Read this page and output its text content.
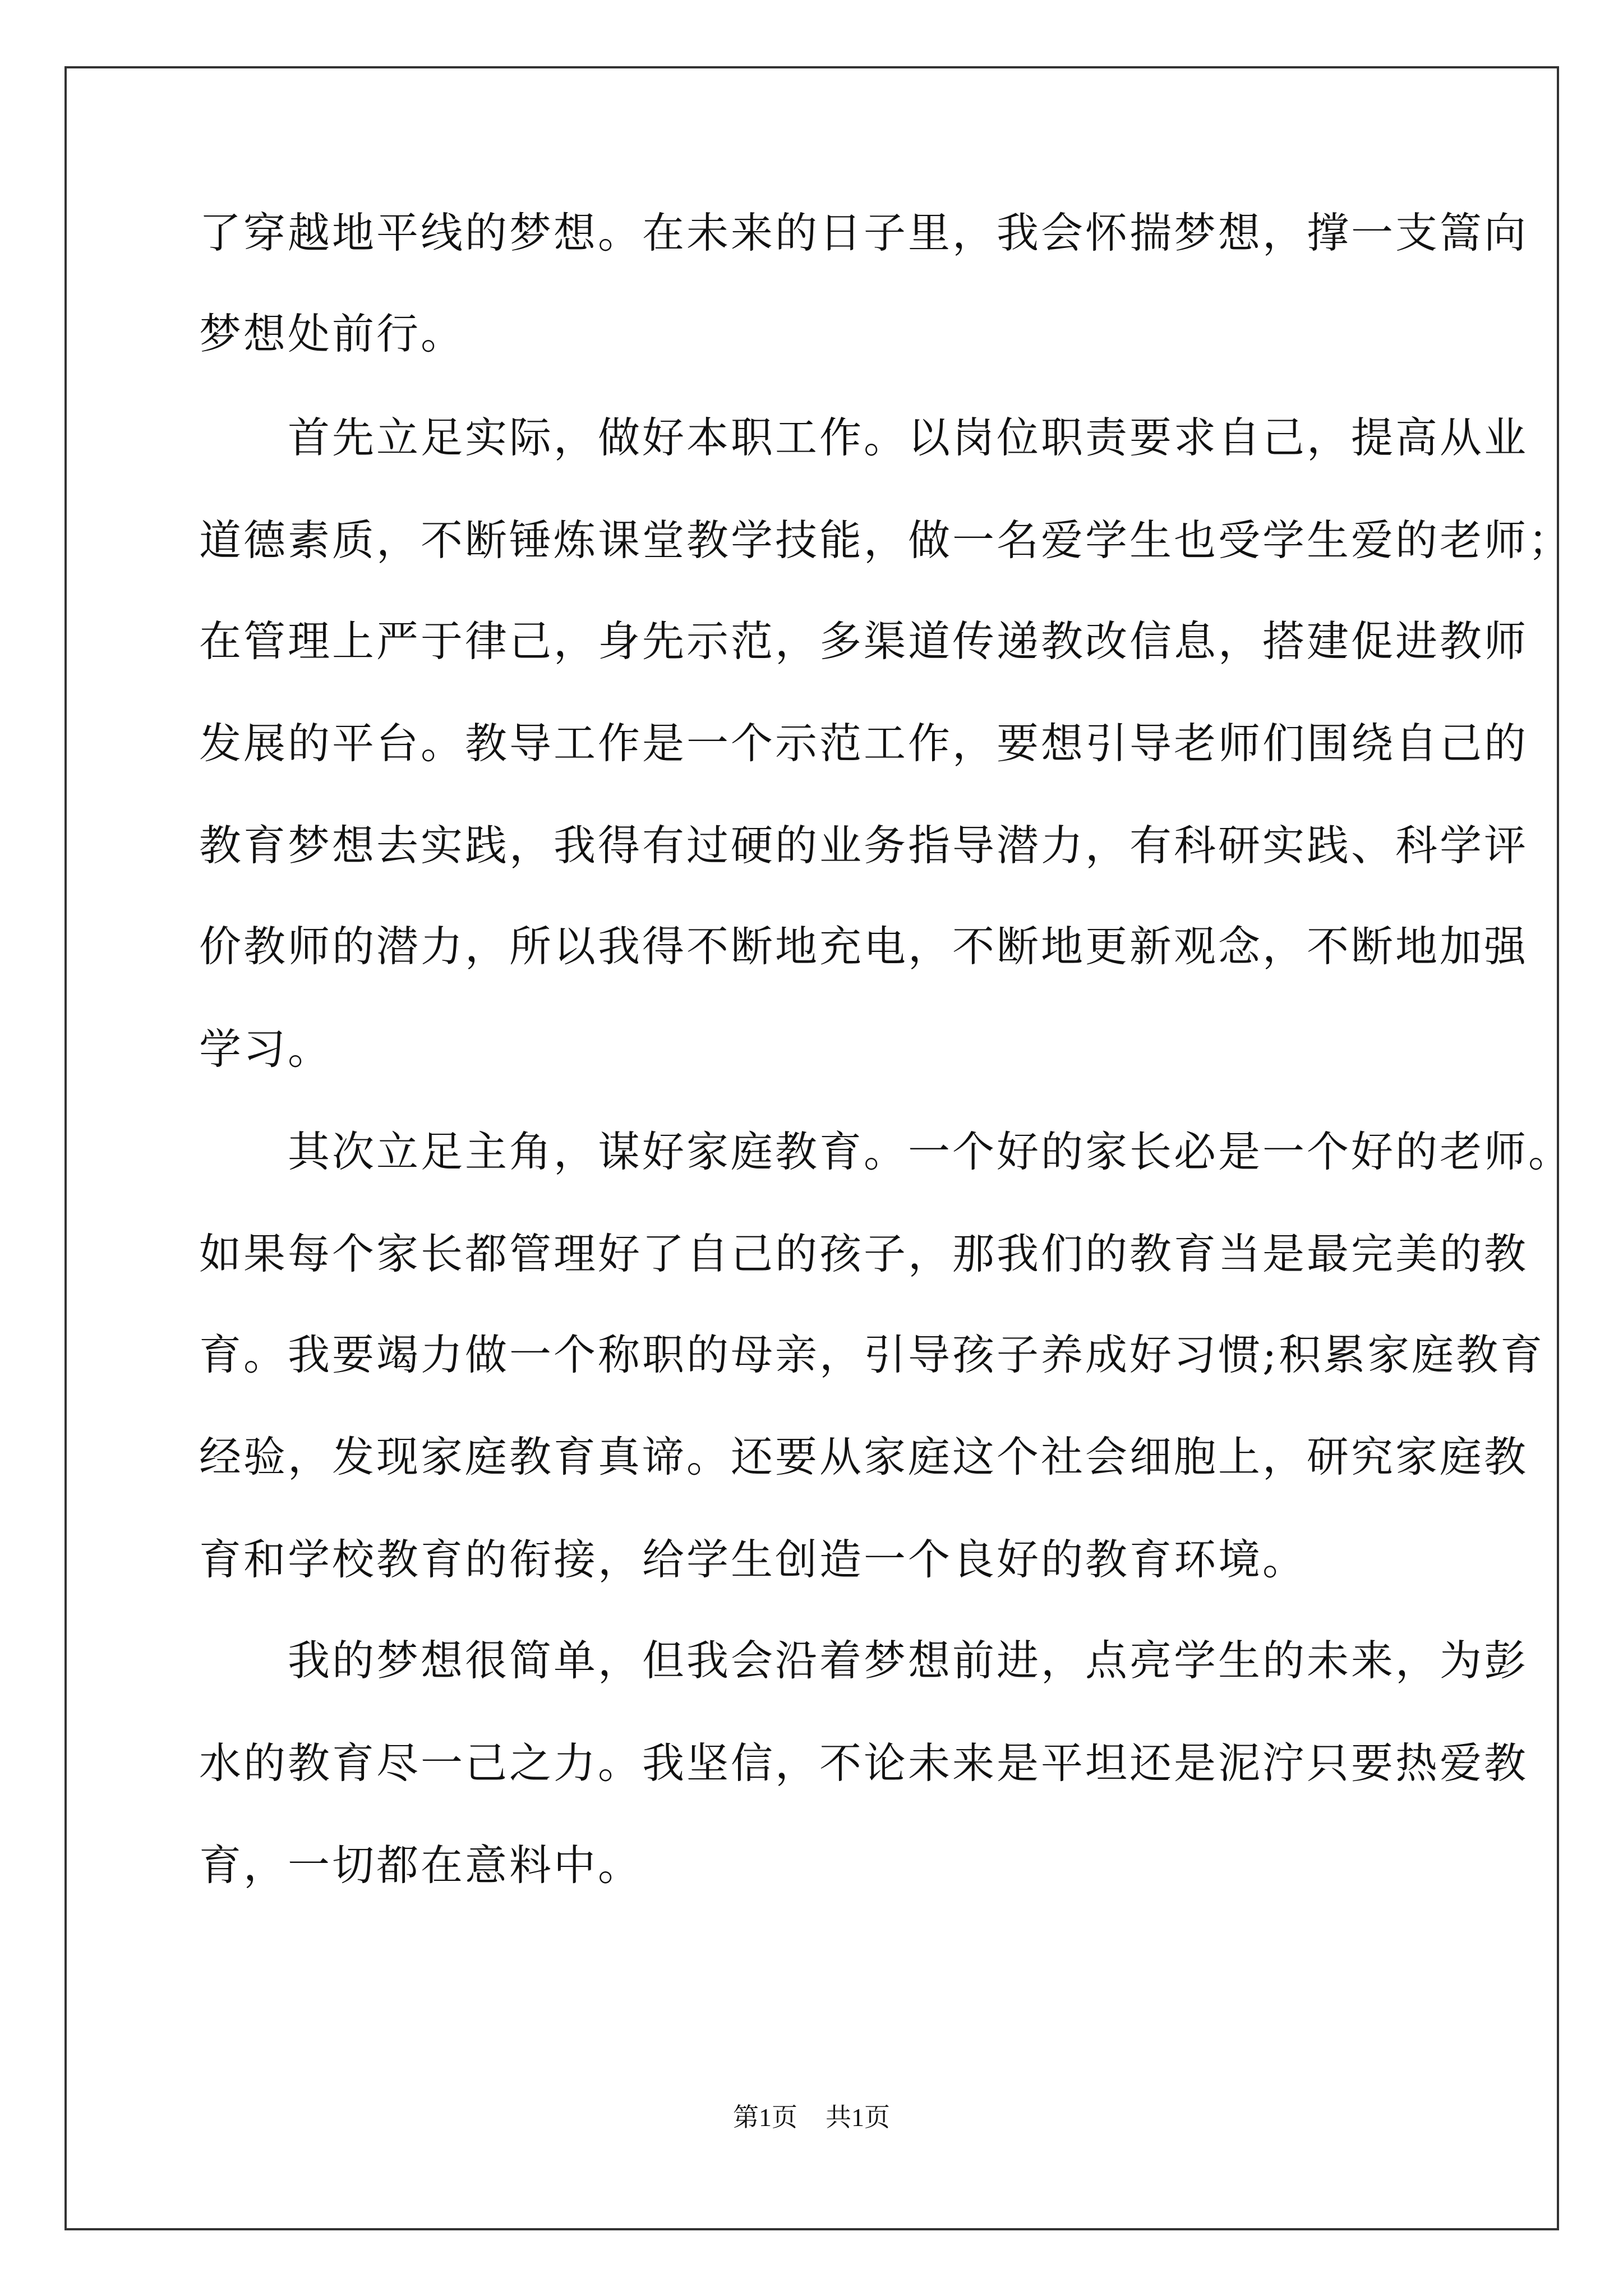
了穿越地平线的梦想。在未来的日子里，我会怀揣梦想，撑一支篙向
梦想处前行。
　　首先立足实际，做好本职工作。以岗位职责要求自己，提高从业
道德素质，不断锤炼课堂教学技能，做一名爱学生也受学生爱的老师；
在管理上严于律己，身先示范，多渠道传递教改信息，搭建促进教师
发展的平台。教导工作是一个示范工作，要想引导老师们围绕自己的
教育梦想去实践，我得有过硬的业务指导潜力，有科研实践、科学评
价教师的潜力，所以我得不断地充电，不断地更新观念，不断地加强
学习。
　　其次立足主角，谋好家庭教育。一个好的家长必是一个好的老师。
如果每个家长都管理好了自己的孩子，那我们的教育当是最完美的教
育。我要竭力做一个称职的母亲，引导孩子养成好习惯;积累家庭教育
经验，发现家庭教育真谛。还要从家庭这个社会细胞上，研究家庭教
育和学校教育的衔接，给学生创造一个良好的教育环境。
　　我的梦想很简单，但我会沿着梦想前进，点亮学生的未来，为彭
水的教育尽一己之力。我坚信，不论未来是平坦还是泥泞只要热爱教
育，一切都在意料中。
第1页 共1页
